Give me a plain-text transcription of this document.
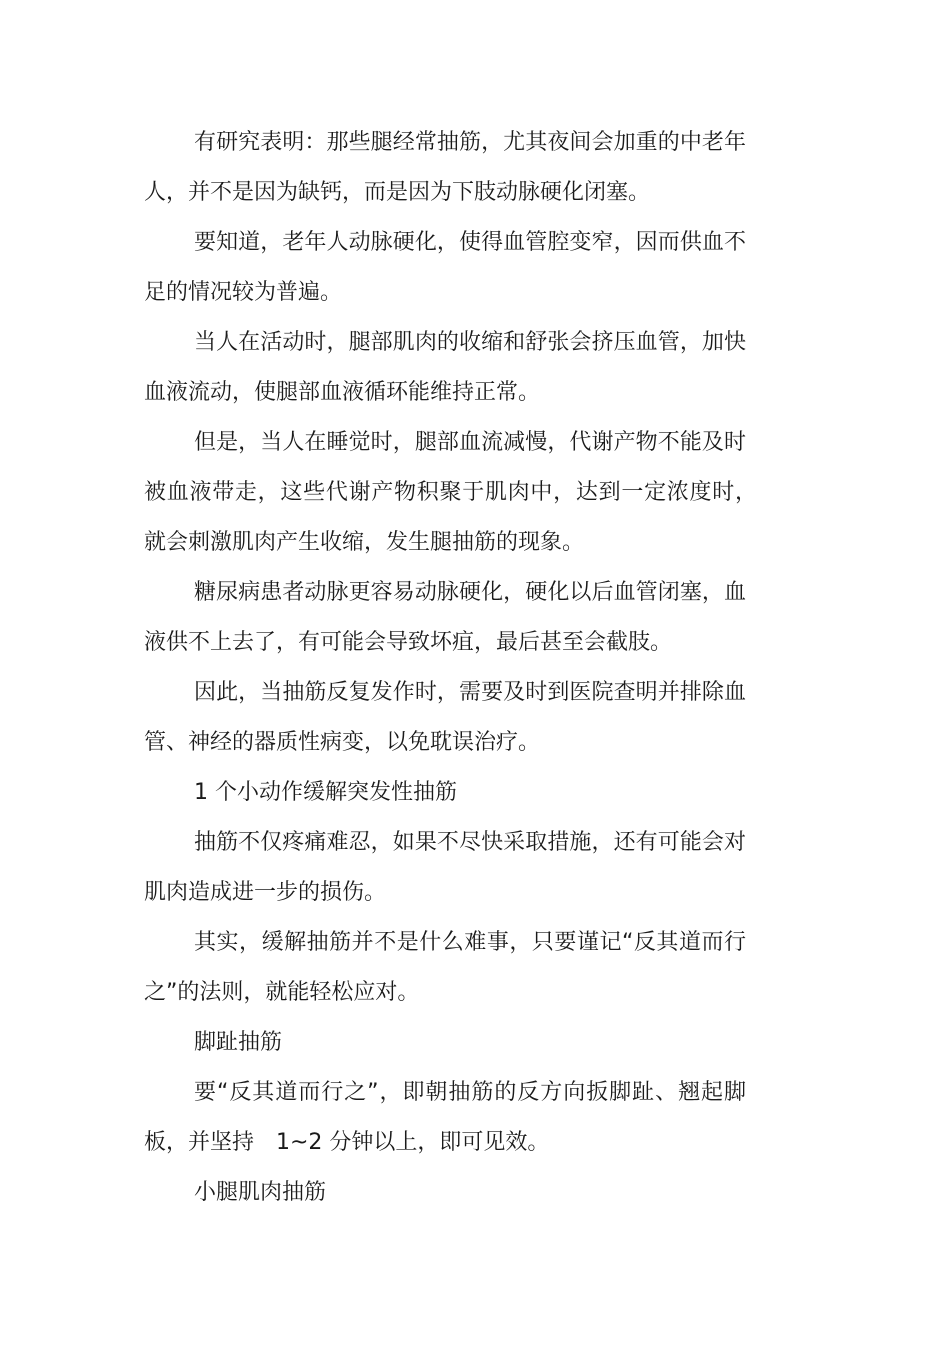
有研究表明：那些腿经常抽筋，尤其夜间会加重的中老年人，并不是因为缺钙，而是因为下肢动脉硬化闭塞。

要知道，老年人动脉硬化，使得血管腔变窄，因而供血不足的情况较为普遍。

当人在活动时，腿部肌肉的收缩和舒张会挤压血管，加快血液流动，使腿部血液循环能维持正常。

但是，当人在睡觉时，腿部血流减慢，代谢产物不能及时被血液带走，这些代谢产物积聚于肌肉中，达到一定浓度时，　就会刺激肌肉产生收缩，发生腿抽筋的现象。

糖尿病患者动脉更容易动脉硬化，硬化以后血管闭塞，血液供不上去了，有可能会导致坏疽，最后甚至会截肢。

因此，当抽筋反复发作时，需要及时到医院查明并排除血管、神经的器质性病变，以免耽误治疗。

1 个小动作缓解突发性抽筋

抽筋不仅疼痛难忍，如果不尽快采取措施，还有可能会对肌肉造成进一步的损伤。

其实，缓解抽筋并不是什么难事，只要谨记“反其道而行之”的法则，就能轻松应对。

脚趾抽筋

要“反其道而行之”，即朝抽筋的反方向扳脚趾、翘起脚板，并坚持　1~2 分钟以上，即可见效。

小腿肌肉抽筋
